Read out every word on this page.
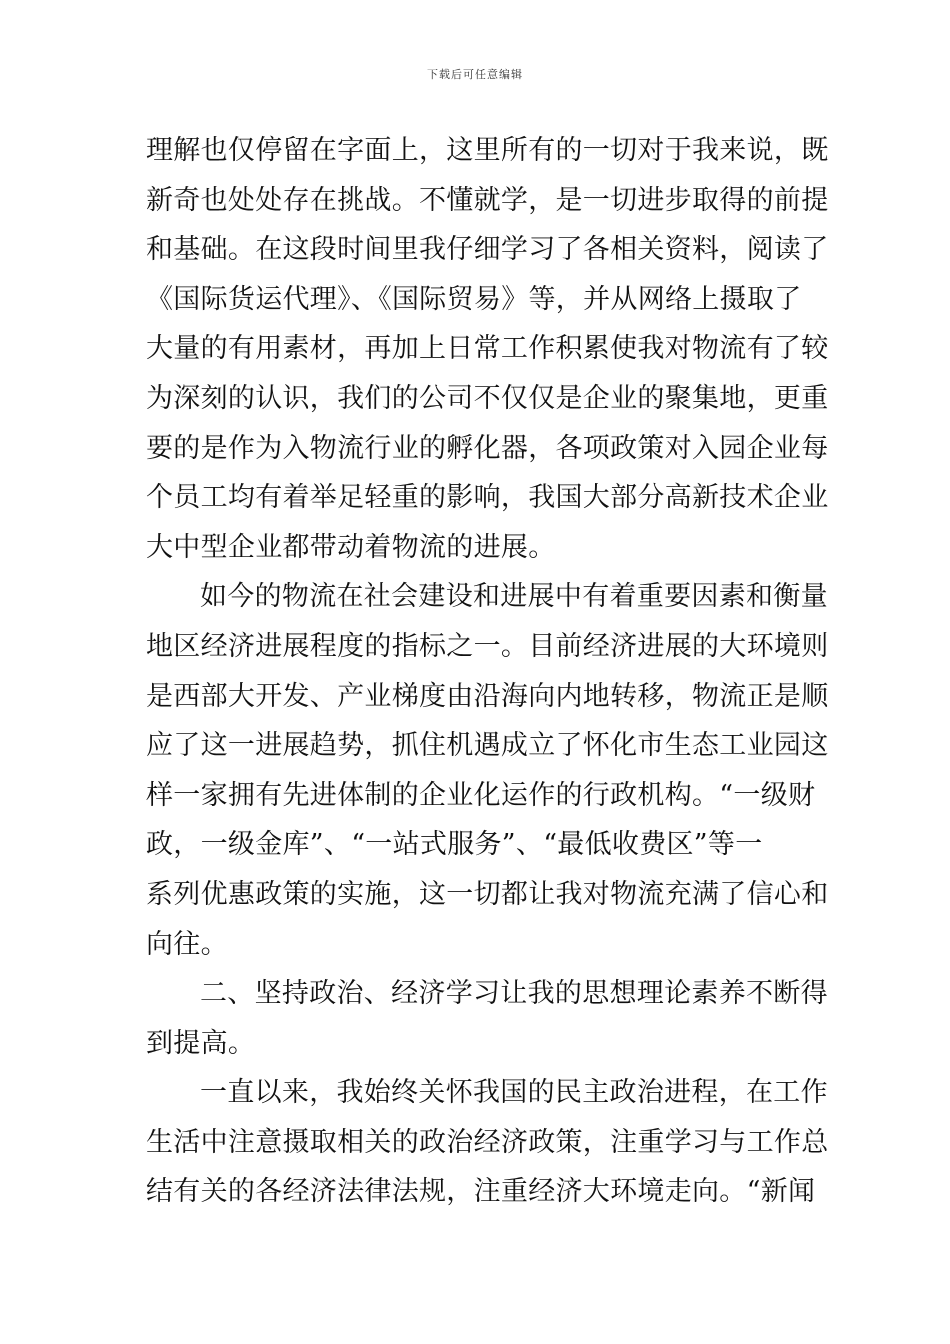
下载后可任意编辑
理解也仅停留在字面上，这里所有的一切对于我来说，既
新奇也处处存在挑战。不懂就学，是一切进步取得的前提
和基础。在这段时间里我仔细学习了各相关资料，阅读了
《国际货运代理》、《国际贸易》等，并从网络上摄取了
大量的有用素材，再加上日常工作积累使我对物流有了较
为深刻的认识，我们的公司不仅仅是企业的聚集地，更重
要的是作为入物流行业的孵化器，各项政策对入园企业每
个员工均有着举足轻重的影响，我国大部分高新技术企业
大中型企业都带动着物流的进展。
如今的物流在社会建设和进展中有着重要因素和衡量
地区经济进展程度的指标之一。目前经济进展的大环境则
是西部大开发、产业梯度由沿海向内地转移，物流正是顺
应了这一进展趋势，抓住机遇成立了怀化市生态工业园这
样一家拥有先进体制的企业化运作的行政机构。“一级财
政，一级金库”、“一站式服务”、“最低收费区”等一
系列优惠政策的实施，这一切都让我对物流充满了信心和
向往。
二、坚持政治、经济学习让我的思想理论素养不断得
到提高。
一直以来，我始终关怀我国的民主政治进程，在工作
生活中注意摄取相关的政治经济政策，注重学习与工作总
结有关的各经济法律法规，注重经济大环境走向。“新闻
